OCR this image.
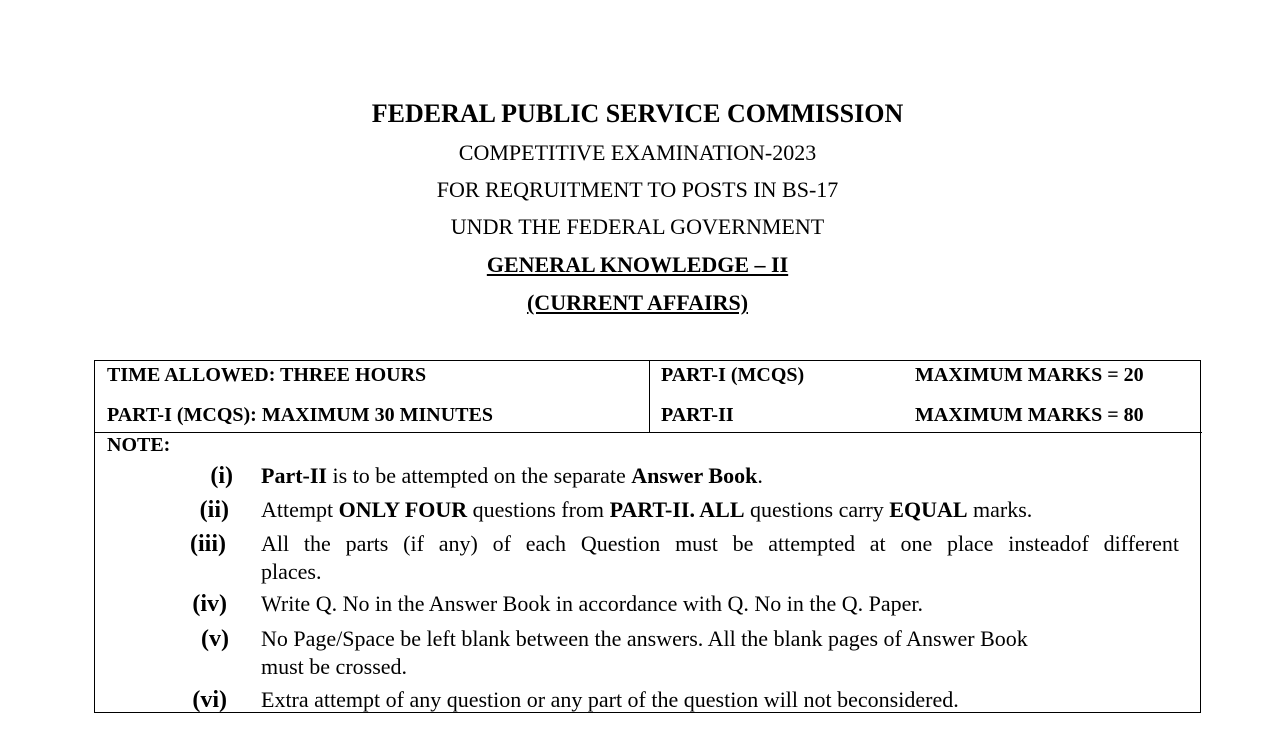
FEDERAL PUBLIC SERVICE COMMISSION
COMPETITIVE EXAMINATION-2023
FOR REQRUITMENT TO POSTS IN BS-17
UNDR THE FEDERAL GOVERNMENT
GENERAL KNOWLEDGE – II
(CURRENT AFFAIRS)
TIME ALLOWED: THREE HOURS
PART-I (MCQS): MAXIMUM 30 MINUTES
PART-I (MCQS)	MAXIMUM MARKS = 20
PART-II	MAXIMUM MARKS = 80
NOTE:
(i) Part-II is to be attempted on the separate Answer Book.
(ii) Attempt ONLY FOUR questions from PART-II. ALL questions carry EQUAL marks.
(iii) All the parts (if any) of each Question must be attempted at one place insteadof different
places.
(iv) Write Q. No in the Answer Book in accordance with Q. No in the Q. Paper.
(v) No Page/Space be left blank between the answers. All the blank pages of Answer Book
must be crossed.
(vi) Extra attempt of any question or any part of the question will not beconsidered.
